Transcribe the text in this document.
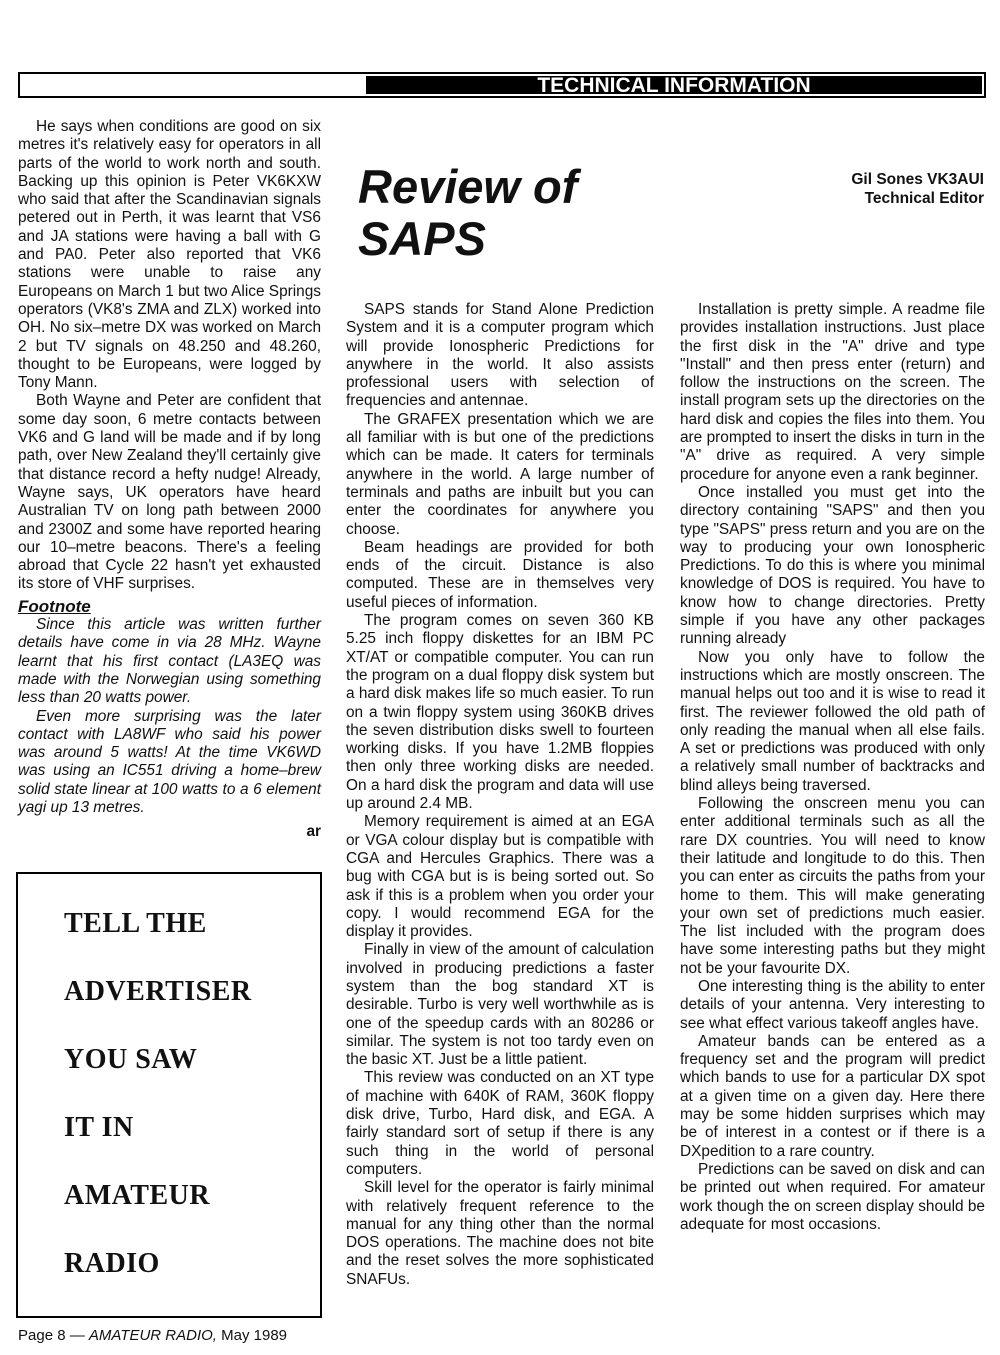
TECHNICAL INFORMATION

He says when conditions are good on six metres it's relatively easy for operators in all parts of the world to work north and south. Backing up this opinion is Peter VK6KXW who said that after the Scandinavian signals petered out in Perth, it was learnt that VS6 and JA stations were having a ball with G and PA0. Peter also reported that VK6 stations were unable to raise any Europeans on March 1 but two Alice Springs operators (VK8's ZMA and ZLX) worked into OH. No six–metre DX was worked on March 2 but TV signals on 48.250 and 48.260, thought to be Europeans, were logged by Tony Mann.

Both Wayne and Peter are confident that some day soon, 6 metre contacts between VK6 and G land will be made and if by long path, over New Zealand they'll certainly give that distance record a hefty nudge! Already, Wayne says, UK operators have heard Australian TV on long path between 2000 and 2300Z and some have reported hearing our 10–metre beacons. There's a feeling abroad that Cycle 22 hasn't yet exhausted its store of VHF surprises.

Footnote

Since this article was written further details have come in via 28 MHz. Wayne learnt that his first contact (LA3EQ was made with the Norwegian using something less than 20 watts power.

Even more surprising was the later contact with LA8WF who said his power was around 5 watts! At the time VK6WD was using an IC551 driving a home–brew solid state linear at 100 watts to a 6 element yagi up 13 metres.

ar
TELL THE
ADVERTISER
YOU SAW
IT IN
AMATEUR
RADIO
Review of
SAPS
Gil Sones VK3AUI
Technical Editor

SAPS stands for Stand Alone Prediction System and it is a computer program which will provide Ionospheric Predictions for anywhere in the world. It also assists professional users with selection of frequencies and antennae.

The GRAFEX presentation which we are all familiar with is but one of the predictions which can be made. It caters for terminals anywhere in the world. A large number of terminals and paths are inbuilt but you can enter the coordinates for anywhere you choose.

Beam headings are provided for both ends of the circuit. Distance is also computed. These are in themselves very useful pieces of information.

The program comes on seven 360 KB 5.25 inch floppy diskettes for an IBM PC XT/AT or compatible computer. You can run the program on a dual floppy disk system but a hard disk makes life so much easier. To run on a twin floppy system using 360KB drives the seven distribution disks swell to fourteen working disks. If you have 1.2MB floppies then only three working disks are needed. On a hard disk the program and data will use up around 2.4 MB.

Memory requirement is aimed at an EGA or VGA colour display but is compatible with CGA and Hercules Graphics. There was a bug with CGA but is is being sorted out. So ask if this is a problem when you order your copy. I would recommend EGA for the display it provides.

Finally in view of the amount of calculation involved in producing predictions a faster system than the bog standard XT is desirable. Turbo is very well worthwhile as is one of the speedup cards with an 80286 or similar. The system is not too tardy even on the basic XT. Just be a little patient.

This review was conducted on an XT type of machine with 640K of RAM, 360K floppy disk drive, Turbo, Hard disk, and EGA. A fairly standard sort of setup if there is any such thing in the world of personal computers.

Skill level for the operator is fairly minimal with relatively frequent reference to the manual for any thing other than the normal DOS operations. The machine does not bite and the reset solves the more sophisticated SNAFUs.

Installation is pretty simple. A readme file provides installation instructions. Just place the first disk in the "A" drive and type "Install" and then press enter (return) and follow the instructions on the screen. The install program sets up the directories on the hard disk and copies the files into them. You are prompted to insert the disks in turn in the "A" drive as required. A very simple procedure for anyone even a rank beginner.

Once installed you must get into the directory containing "SAPS" and then you type "SAPS" press return and you are on the way to producing your own Ionospheric Predictions. To do this is where you minimal knowledge of DOS is required. You have to know how to change directories. Pretty simple if you have any other packages running already

Now you only have to follow the instructions which are mostly onscreen. The manual helps out too and it is wise to read it first. The reviewer followed the old path of only reading the manual when all else fails. A set or predictions was produced with only a relatively small number of backtracks and blind alleys being traversed.

Following the onscreen menu you can enter additional terminals such as all the rare DX countries. You will need to know their latitude and longitude to do this. Then you can enter as circuits the paths from your home to them. This will make generating your own set of predictions much easier. The list included with the program does have some interesting paths but they might not be your favourite DX.

One interesting thing is the ability to enter details of your antenna. Very interesting to see what effect various takeoff angles have.

Amateur bands can be entered as a frequency set and the program will predict which bands to use for a particular DX spot at a given time on a given day. Here there may be some hidden surprises which may be of interest in a contest or if there is a DXpedition to a rare country.

Predictions can be saved on disk and can be printed out when required. For amateur work though the on screen display should be adequate for most occasions.

Page 8 — AMATEUR RADIO, May 1989
